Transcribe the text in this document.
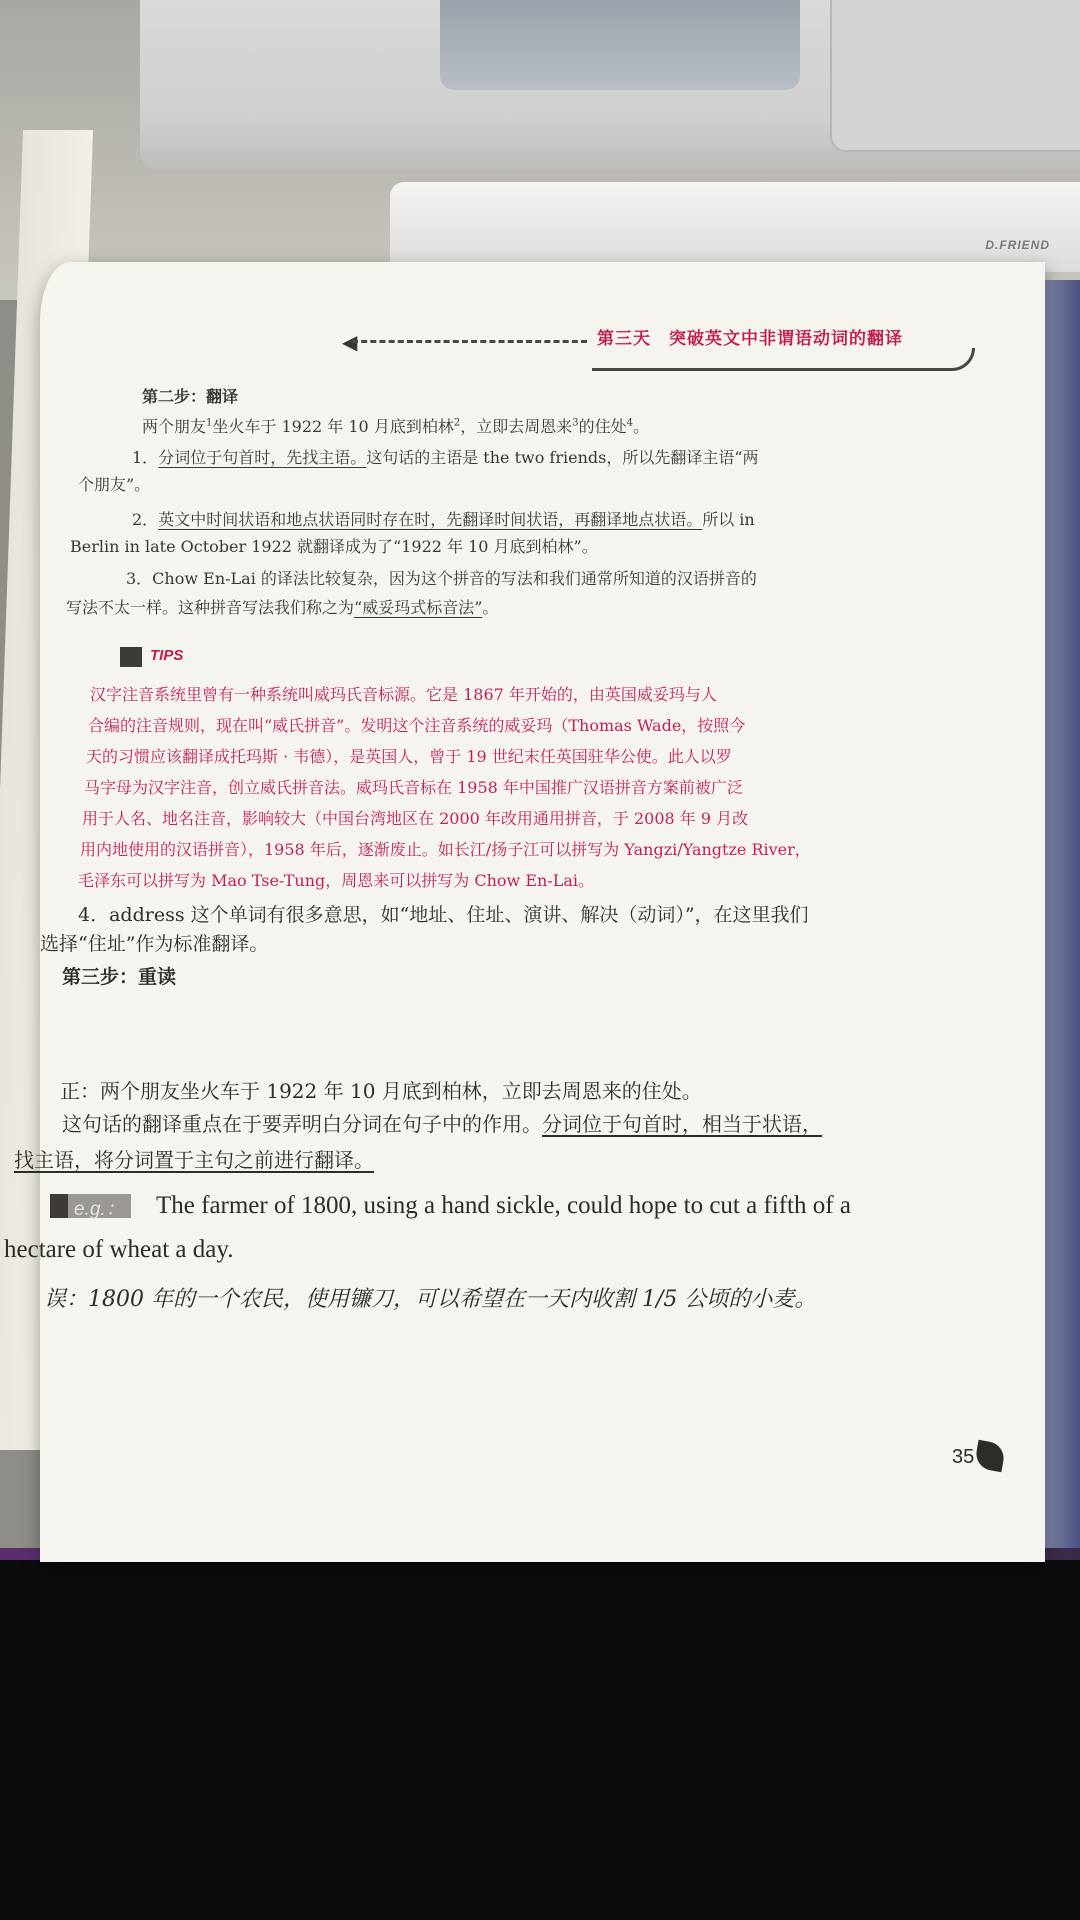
D.FRIEND
◀	第三天　突破英文中非谓语动词的翻译
第二步：翻译
两个朋友$^1$坐火车于 1922 年 10 月底到柏林$^2$，立即去周恩来$^3$的住处$^4$。
1．分词位于句首时，先找主语。这句话的主语是 the two friends，所以先翻译主语“两
个朋友”。
2．英文中时间状语和地点状语同时存在时，先翻译时间状语，再翻译地点状语。所以 in
Berlin in late October 1922 就翻译成为了“1922 年 10 月底到柏林”。
3．Chow En-Lai 的译法比较复杂，因为这个拼音的写法和我们通常所知道的汉语拼音的
写法不太一样。这种拼音写法我们称之为“威妥玛式标音法”。
TIPS
汉字注音系统里曾有一种系统叫威玛氏音标源。它是 1867 年开始的，由英国威妥玛与人
合编的注音规则，现在叫“威氏拼音”。发明这个注音系统的威妥玛（Thomas Wade，按照今
天的习惯应该翻译成托玛斯 · 韦德），是英国人，曾于 19 世纪末任英国驻华公使。此人以罗
马字母为汉字注音，创立威氏拼音法。威玛氏音标在 1958 年中国推广汉语拼音方案前被广泛
用于人名、地名注音，影响较大（中国台湾地区在 2000 年改用通用拼音，于 2008 年 9 月改
用内地使用的汉语拼音），1958 年后，逐渐废止。如长江/扬子江可以拼写为 Yangzi/Yangtze River，
毛泽东可以拼写为 Mao Tse-Tung，周恩来可以拼写为 Chow En-Lai。
4．address 这个单词有很多意思，如“地址、住址、演讲、解决（动词）”，在这里我们
选择“住址”作为标准翻译。
第三步：重读
正：两个朋友坐火车于 1922 年 10 月底到柏林，立即去周恩来的住处。
这句话的翻译重点在于要弄明白分词在句子中的作用。分词位于句首时，相当于状语，
找主语，将分词置于主句之前进行翻译。
e.g.： The farmer of 1800, using a hand sickle, could hope to cut a fifth of a
hectare of wheat a day.
误：1800 年的一个农民，使用镰刀，可以希望在一天内收割 1/5 公顷的小麦。
35
